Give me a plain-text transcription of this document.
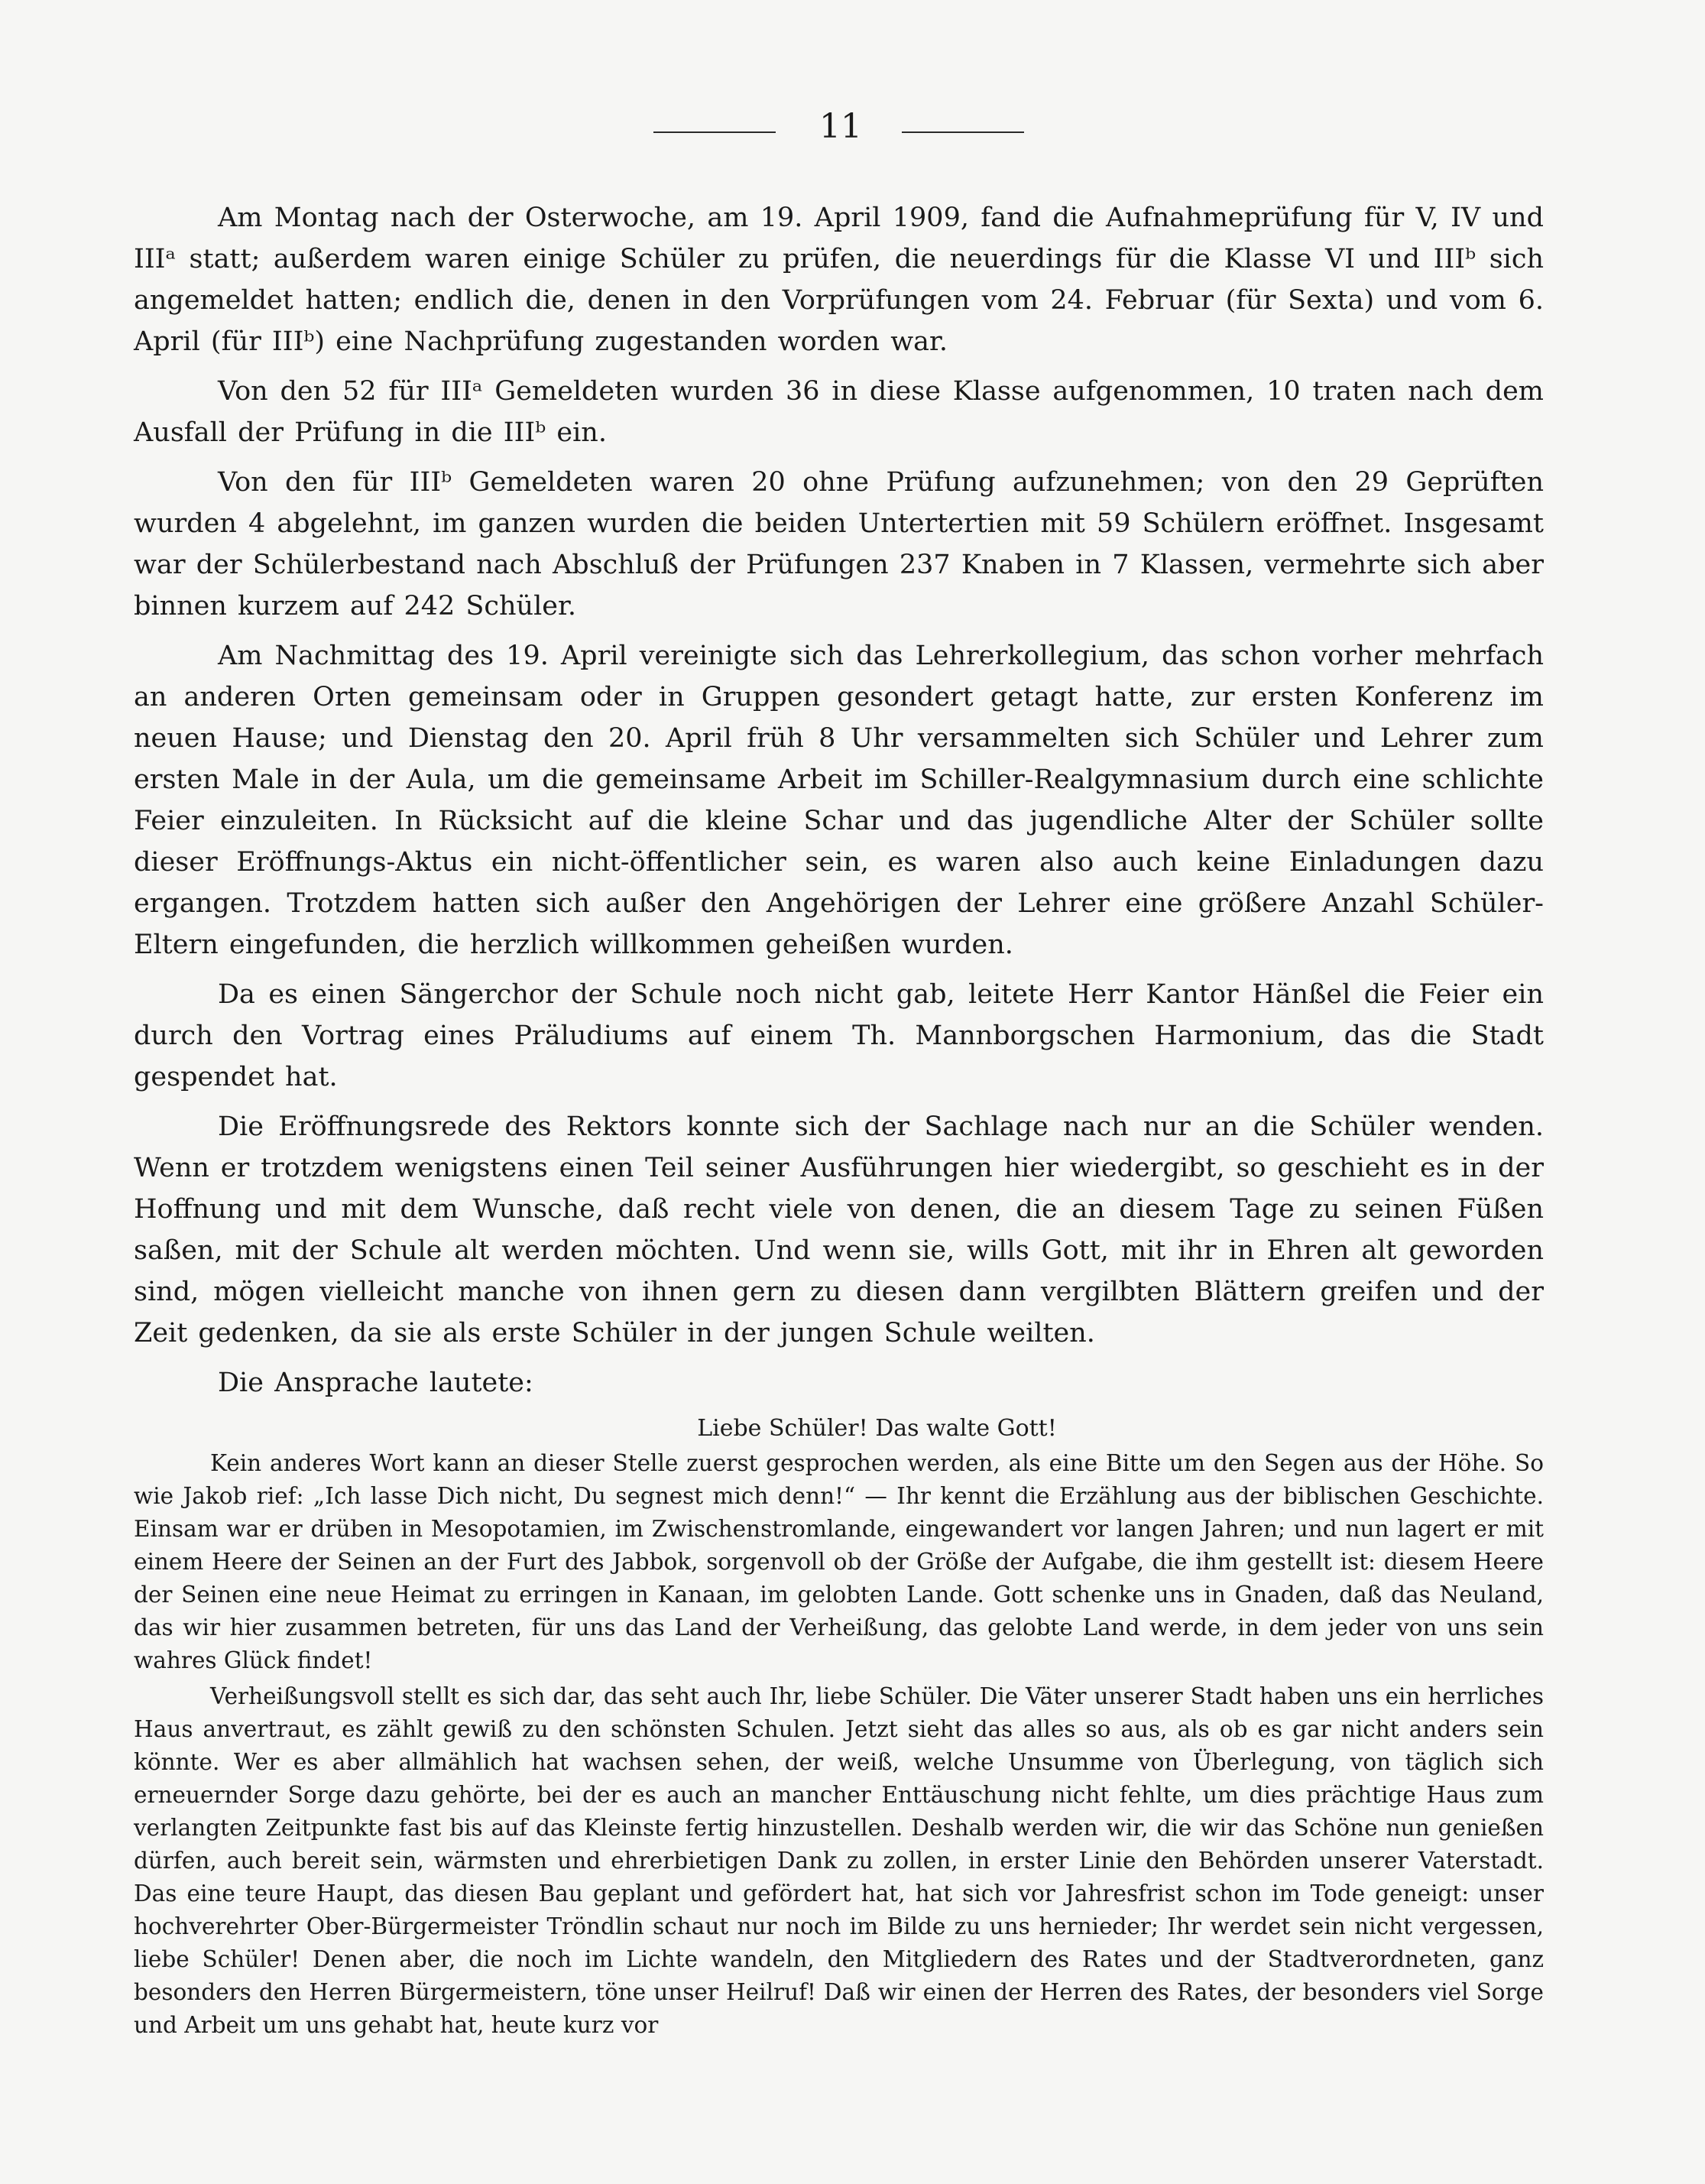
11

Am Montag nach der Osterwoche, am 19. April 1909, fand die Aufnahmeprüfung für V, IV und IIIᵃ statt; außerdem waren einige Schüler zu prüfen, die neuerdings für die Klasse VI und IIIᵇ sich angemeldet hatten; endlich die, denen in den Vorprüfungen vom 24. Februar (für Sexta) und vom 6. April (für IIIᵇ) eine Nachprüfung zugestanden worden war.

Von den 52 für IIIᵃ Gemeldeten wurden 36 in diese Klasse aufgenommen, 10 traten nach dem Ausfall der Prüfung in die IIIᵇ ein.

Von den für IIIᵇ Gemeldeten waren 20 ohne Prüfung aufzunehmen; von den 29 Geprüften wurden 4 abgelehnt, im ganzen wurden die beiden Untertertien mit 59 Schülern eröffnet. Insgesamt war der Schülerbestand nach Abschluß der Prüfungen 237 Knaben in 7 Klassen, vermehrte sich aber binnen kurzem auf 242 Schüler.

Am Nachmittag des 19. April vereinigte sich das Lehrerkollegium, das schon vorher mehrfach an anderen Orten gemeinsam oder in Gruppen gesondert getagt hatte, zur ersten Konferenz im neuen Hause; und Dienstag den 20. April früh 8 Uhr versammelten sich Schüler und Lehrer zum ersten Male in der Aula, um die gemeinsame Arbeit im Schiller-Realgymnasium durch eine schlichte Feier einzuleiten. In Rücksicht auf die kleine Schar und das jugendliche Alter der Schüler sollte dieser Eröffnungs-Aktus ein nicht-öffentlicher sein, es waren also auch keine Einladungen dazu ergangen. Trotzdem hatten sich außer den Angehörigen der Lehrer eine größere Anzahl Schüler-Eltern eingefunden, die herzlich willkommen geheißen wurden.

Da es einen Sängerchor der Schule noch nicht gab, leitete Herr Kantor Hänßel die Feier ein durch den Vortrag eines Präludiums auf einem Th. Mannborgschen Harmonium, das die Stadt gespendet hat.

Die Eröffnungsrede des Rektors konnte sich der Sachlage nach nur an die Schüler wenden. Wenn er trotzdem wenigstens einen Teil seiner Ausführungen hier wiedergibt, so geschieht es in der Hoffnung und mit dem Wunsche, daß recht viele von denen, die an diesem Tage zu seinen Füßen saßen, mit der Schule alt werden möchten. Und wenn sie, wills Gott, mit ihr in Ehren alt geworden sind, mögen vielleicht manche von ihnen gern zu diesen dann vergilbten Blättern greifen und der Zeit gedenken, da sie als erste Schüler in der jungen Schule weilten.

Die Ansprache lautete:

Liebe Schüler! Das walte Gott!

Kein anderes Wort kann an dieser Stelle zuerst gesprochen werden, als eine Bitte um den Segen aus der Höhe. So wie Jakob rief: „Ich lasse Dich nicht, Du segnest mich denn!“ — Ihr kennt die Erzählung aus der biblischen Geschichte. Einsam war er drüben in Mesopotamien, im Zwischenstromlande, eingewandert vor langen Jahren; und nun lagert er mit einem Heere der Seinen an der Furt des Jabbok, sorgenvoll ob der Größe der Aufgabe, die ihm gestellt ist: diesem Heere der Seinen eine neue Heimat zu erringen in Kanaan, im gelobten Lande. Gott schenke uns in Gnaden, daß das Neuland, das wir hier zusammen betreten, für uns das Land der Verheißung, das gelobte Land werde, in dem jeder von uns sein wahres Glück findet!

Verheißungsvoll stellt es sich dar, das seht auch Ihr, liebe Schüler. Die Väter unserer Stadt haben uns ein herrliches Haus anvertraut, es zählt gewiß zu den schönsten Schulen. Jetzt sieht das alles so aus, als ob es gar nicht anders sein könnte. Wer es aber allmählich hat wachsen sehen, der weiß, welche Unsumme von Überlegung, von täglich sich erneuernder Sorge dazu gehörte, bei der es auch an mancher Enttäuschung nicht fehlte, um dies prächtige Haus zum verlangten Zeitpunkte fast bis auf das Kleinste fertig hinzustellen. Deshalb werden wir, die wir das Schöne nun genießen dürfen, auch bereit sein, wärmsten und ehrerbietigen Dank zu zollen, in erster Linie den Behörden unserer Vaterstadt. Das eine teure Haupt, das diesen Bau geplant und gefördert hat, hat sich vor Jahresfrist schon im Tode geneigt: unser hochverehrter Ober-Bürgermeister Tröndlin schaut nur noch im Bilde zu uns hernieder; Ihr werdet sein nicht vergessen, liebe Schüler! Denen aber, die noch im Lichte wandeln, den Mitgliedern des Rates und der Stadtverordneten, ganz besonders den Herren Bürgermeistern, töne unser Heilruf! Daß wir einen der Herren des Rates, der besonders viel Sorge und Arbeit um uns gehabt hat, heute kurz vor
